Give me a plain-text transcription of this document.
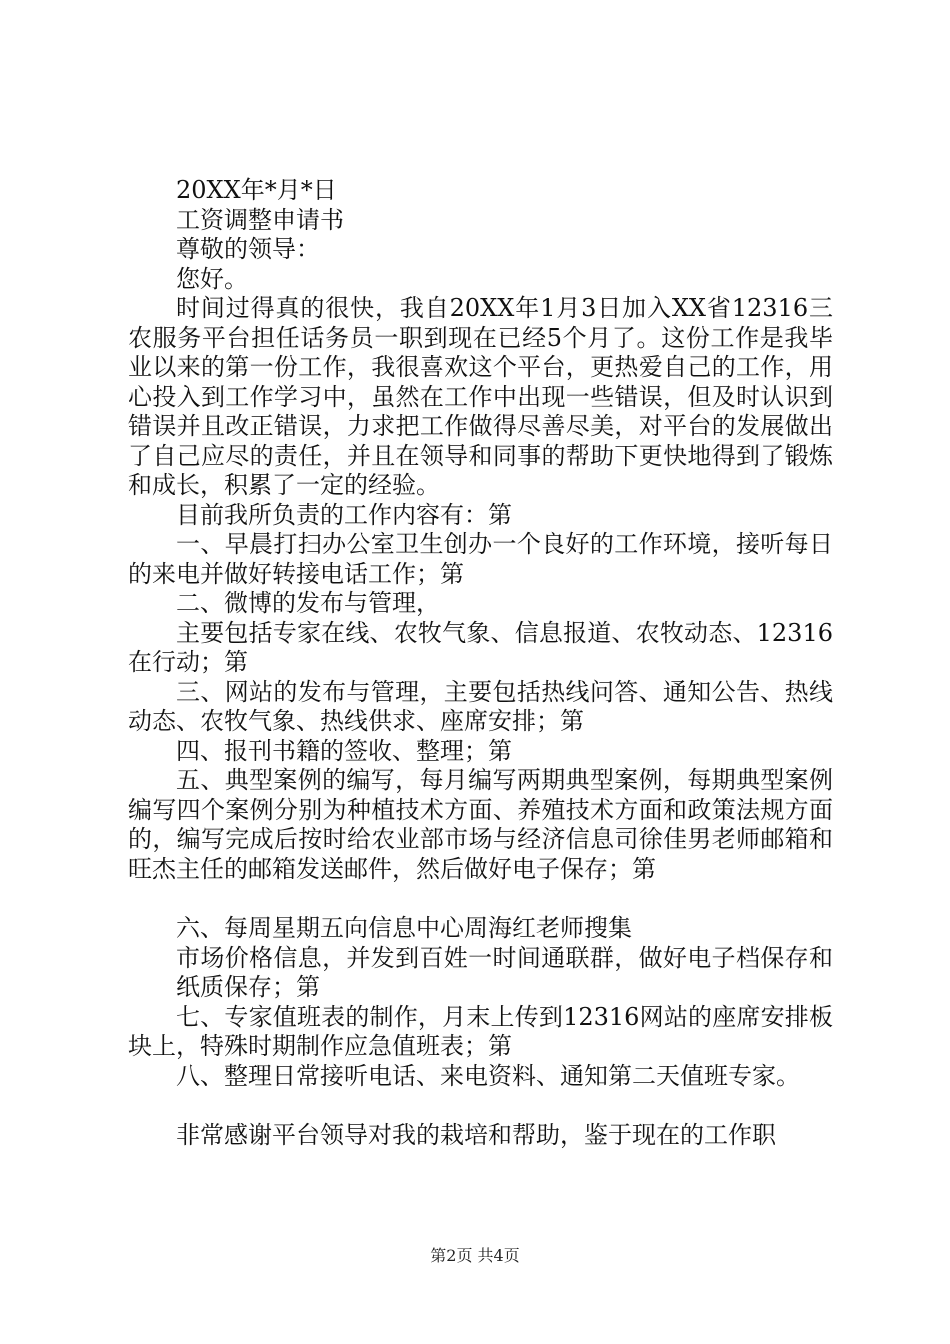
20XX年*月*日

工资调整申请书

尊敬的领导：

您好。

时间过得真的很快，我自20XX年1月3日加入XX省12316三农服务平台担任话务员一职到现在已经5个月了。这份工作是我毕业以来的第一份工作，我很喜欢这个平台，更热爱自己的工作，用心投入到工作学习中，虽然在工作中出现一些错误，但及时认识到错误并且改正错误，力求把工作做得尽善尽美，对平台的发展做出了自己应尽的责任，并且在领导和同事的帮助下更快地得到了锻炼和成长，积累了一定的经验。

目前我所负责的工作内容有：第

一、早晨打扫办公室卫生创办一个良好的工作环境，接听每日的来电并做好转接电话工作；第

二、微博的发布与管理，

主要包括专家在线、农牧气象、信息报道、农牧动态、12316在行动；第

三、网站的发布与管理，主要包括热线问答、通知公告、热线动态、农牧气象、热线供求、座席安排；第

四、报刊书籍的签收、整理；第

五、典型案例的编写，每月编写两期典型案例，每期典型案例编写四个案例分别为种植技术方面、养殖技术方面和政策法规方面的，编写完成后按时给农业部市场与经济信息司徐佳男老师邮箱和旺杰主任的邮箱发送邮件，然后做好电子保存；第

六、每周星期五向信息中心周海红老师搜集

市场价格信息，并发到百姓一时间通联群，做好电子档保存和纸质保存；第

七、专家值班表的制作，月末上传到12316网站的座席安排板块上，特殊时期制作应急值班表；第

八、整理日常接听电话、来电资料、通知第二天值班专家。

非常感谢平台领导对我的栽培和帮助，鉴于现在的工作职

第2页 共4页
